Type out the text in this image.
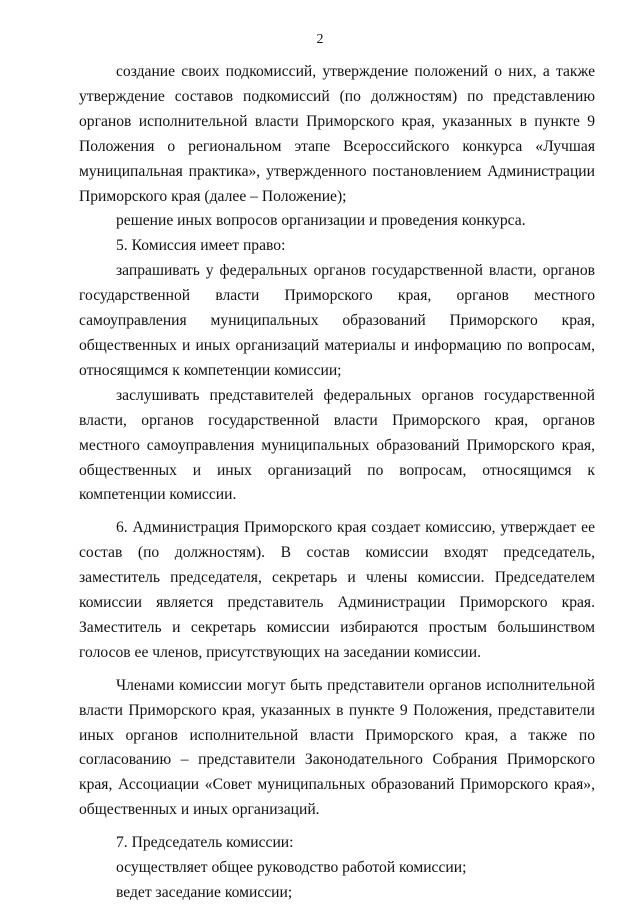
2

создание своих подкомиссий, утверждение положений о них, а также утверждение составов подкомиссий (по должностям) по представлению органов исполнительной власти Приморского края, указанных в пункте 9 Положения о региональном этапе Всероссийского конкурса «Лучшая муниципальная практика», утвержденного постановлением Администрации Приморского края (далее – Положение);

решение иных вопросов организации и проведения конкурса.

5. Комиссия имеет право:

запрашивать у федеральных органов государственной власти, органов государственной власти Приморского края, органов местного самоуправления муниципальных образований Приморского края, общественных и иных организаций материалы и информацию по вопросам, относящимся к компетенции комиссии;

заслушивать представителей федеральных органов государственной власти, органов государственной власти Приморского края, органов местного самоуправления муниципальных образований Приморского края, общественных и иных организаций по вопросам, относящимся к компетенции комиссии.

6. Администрация Приморского края создает комиссию, утверждает ее состав (по должностям). В состав комиссии входят председатель, заместитель председателя, секретарь и члены комиссии. Председателем комиссии является представитель Администрации Приморского края. Заместитель и секретарь комиссии избираются простым большинством голосов ее членов, присутствующих на заседании комиссии.

Членами комиссии могут быть представители органов исполнительной власти Приморского края, указанных в пункте 9 Положения, представители иных органов исполнительной власти Приморского края, а также по согласованию – представители Законодательного Собрания Приморского края, Ассоциации «Совет муниципальных образований Приморского края», общественных и иных организаций.

7. Председатель комиссии:

осуществляет общее руководство работой комиссии;

ведет заседание комиссии;
